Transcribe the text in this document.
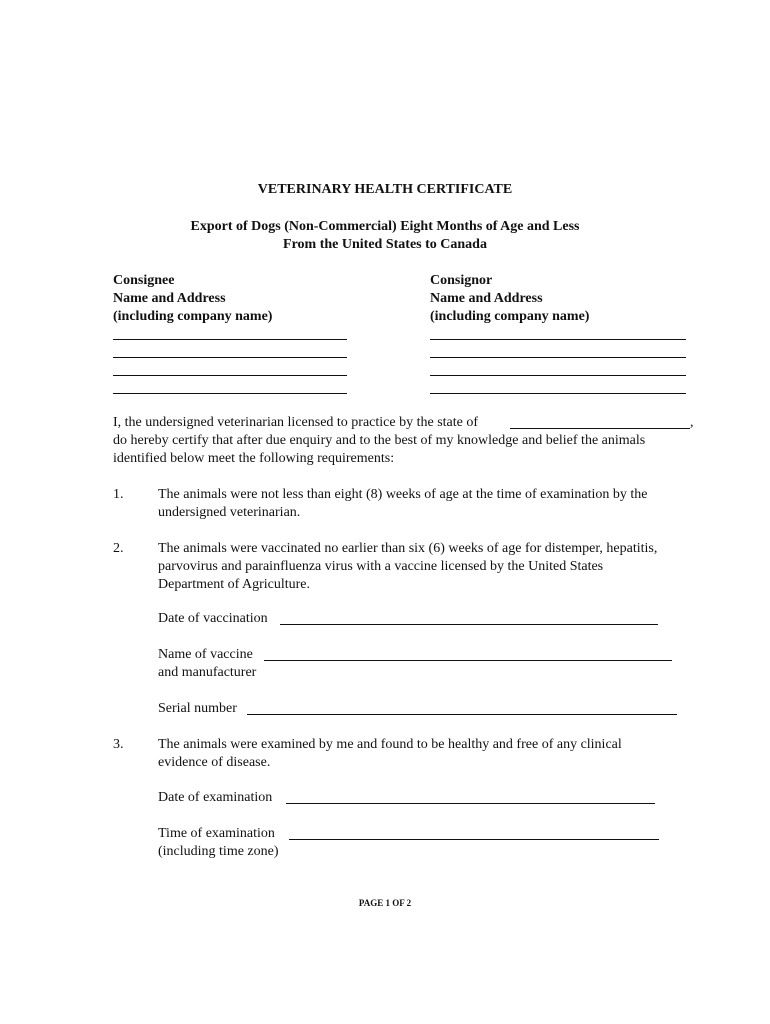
VETERINARY HEALTH CERTIFICATE
Export of Dogs (Non-Commercial) Eight Months of Age and Less
From the United States to Canada
Consignee
Name and Address
(including company name)
Consignor
Name and Address
(including company name)
I, the undersigned veterinarian licensed to practice by the state of	,
do hereby certify that after due enquiry and to the best of my knowledge and belief the animals
identified below meet the following requirements:
1. The animals were not less than eight (8) weeks of age at the time of examination by the
undersigned veterinarian.
2. The animals were vaccinated no earlier than six (6) weeks of age for distemper, hepatitis,
parvovirus and parainfluenza virus with a vaccine licensed by the United States
Department of Agriculture.
Date of vaccination
Name of vaccine
and manufacturer
Serial number
3. The animals were examined by me and found to be healthy and free of any clinical
evidence of disease.
Date of examination
Time of examination
(including time zone)
PAGE 1 OF 2
